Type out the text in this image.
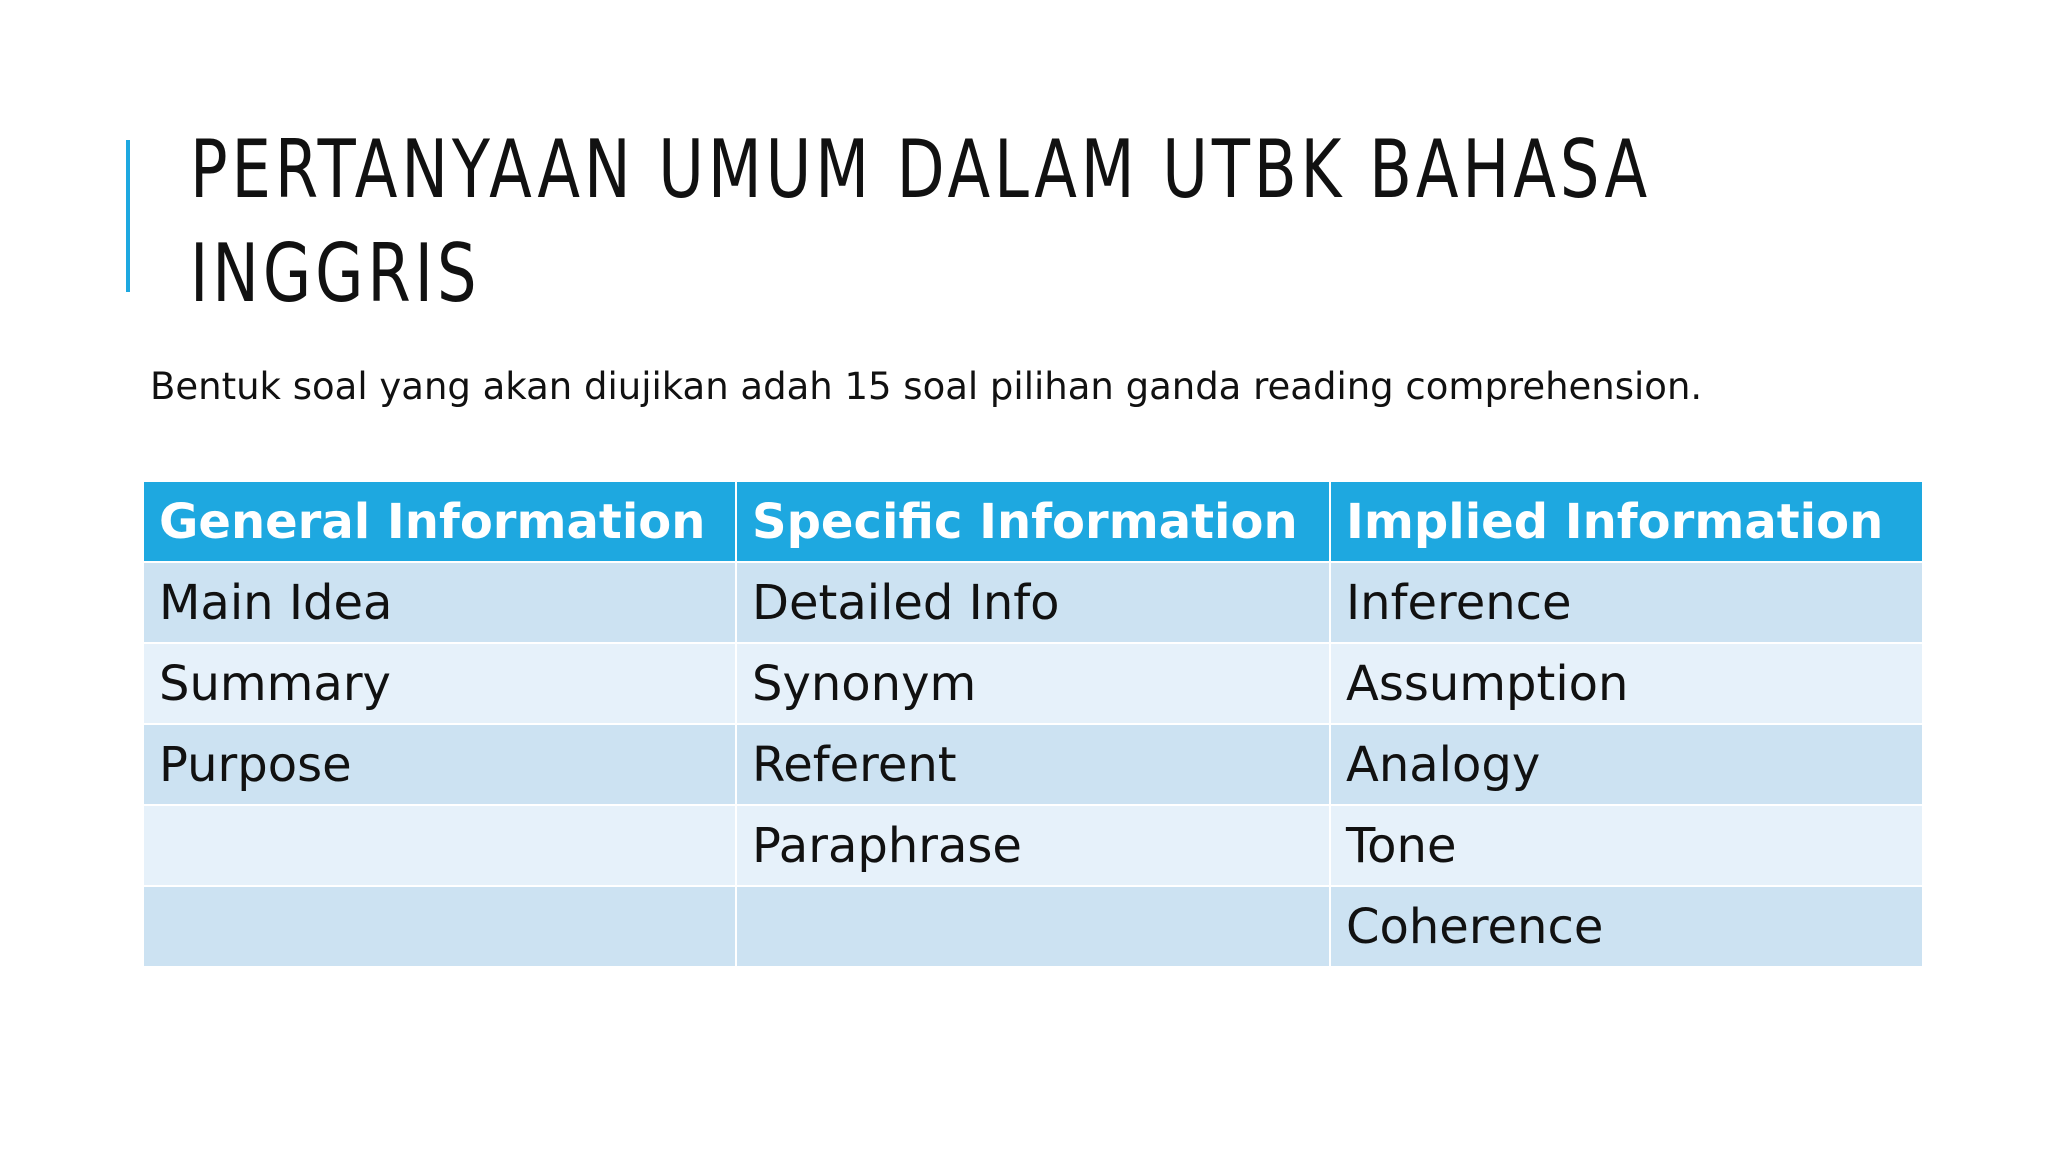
PERTANYAAN UMUM DALAM UTBK BAHASA
INGGRIS

Bentuk soal yang akan diujikan adah 15 soal pilihan ganda reading comprehension.

General Information	Specific Information	Implied Information
Main Idea	Detailed Info	Inference
Summary	Synonym	Assumption
Purpose	Referent	Analogy
	Paraphrase	Tone
		Coherence
